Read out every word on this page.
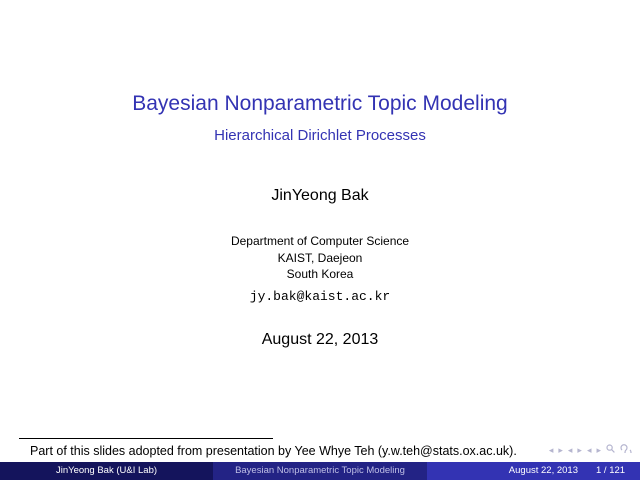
Bayesian Nonparametric Topic Modeling
Hierarchical Dirichlet Processes
JinYeong Bak
Department of Computer Science
KAIST, Daejeon
South Korea
jy.bak@kaist.ac.kr
August 22, 2013
Part of this slides adopted from presentation by Yee Whye Teh (y.w.teh@stats.ox.ac.uk).	◂ ▸ ◂ ▸ ◂ ▸
JinYeong Bak (U&I Lab)	Bayesian Nonparametric Topic Modeling	August 22, 2013	1 / 121
